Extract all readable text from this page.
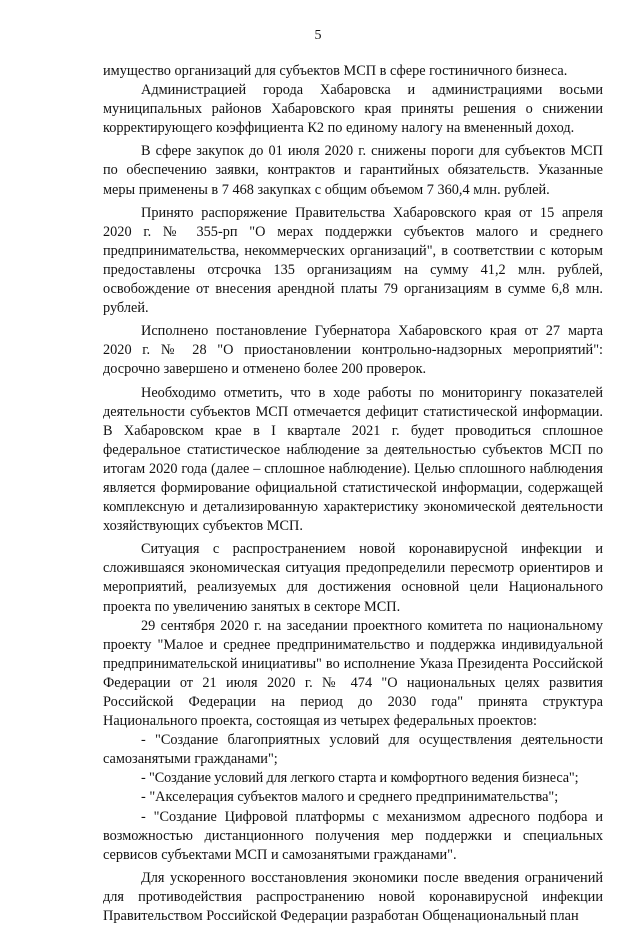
5

имущество организаций для субъектов МСП в сфере гостиничного бизнеса.

Администрацией города Хабаровска и администрациями восьми муниципальных районов Хабаровского края приняты решения о снижении корректирующего коэффициента К2 по единому налогу на вмененный доход.

В сфере закупок до 01 июля 2020 г. снижены пороги для субъектов МСП по обеспечению заявки, контрактов и гарантийных обязательств. Указанные меры применены в 7 468 закупках с общим объемом 7 360,4 млн. рублей.

Принято распоряжение Правительства Хабаровского края от 15 апреля 2020 г. № 355-рп "О мерах поддержки субъектов малого и среднего предпринимательства, некоммерческих организаций", в соответствии с которым предоставлены отсрочка 135 организациям на сумму 41,2 млн. рублей, освобождение от внесения арендной платы 79 организациям в сумме 6,8 млн. рублей.

Исполнено постановление Губернатора Хабаровского края от 27 марта 2020 г. № 28 "О приостановлении контрольно-надзорных мероприятий": досрочно завершено и отменено более 200 проверок.

Необходимо отметить, что в ходе работы по мониторингу показателей деятельности субъектов МСП отмечается дефицит статистической информации. В Хабаровском крае в I квартале 2021 г. будет проводиться сплошное федеральное статистическое наблюдение за деятельностью субъектов МСП по итогам 2020 года (далее – сплошное наблюдение). Целью сплошного наблюдения является формирование официальной статистической информации, содержащей комплексную и детализированную характеристику экономической деятельности хозяйствующих субъектов МСП.

Ситуация с распространением новой коронавирусной инфекции и сложившаяся экономическая ситуация предопределили пересмотр ориентиров и мероприятий, реализуемых для достижения основной цели Национального проекта по увеличению занятых в секторе МСП.

29 сентября 2020 г. на заседании проектного комитета по национальному проекту "Малое и среднее предпринимательство и поддержка индивидуальной предпринимательской инициативы" во исполнение Указа Президента Российской Федерации от 21 июля 2020 г. № 474 "О национальных целях развития Российской Федерации на период до 2030 года" принята структура Национального проекта, состоящая из четырех федеральных проектов:

- "Создание благоприятных условий для осуществления деятельности самозанятыми гражданами";

- "Создание условий для легкого старта и комфортного ведения бизнеса";

- "Акселерация субъектов малого и среднего предпринимательства";

- "Создание Цифровой платформы с механизмом адресного подбора и возможностью дистанционного получения мер поддержки и специальных сервисов субъектами МСП и самозанятыми гражданами".

Для ускоренного восстановления экономики после введения ограничений для противодействия распространению новой коронавирусной инфекции Правительством Российской Федерации разработан Общенациональный план
